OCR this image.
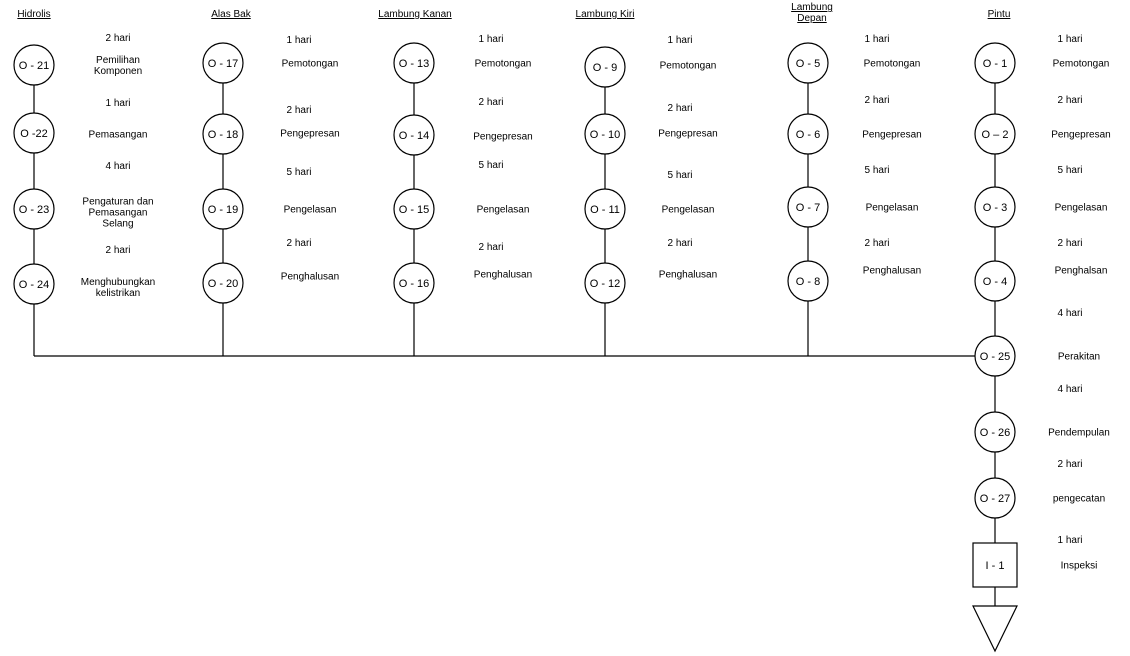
Hidrolis
O - 21	Pemilihan
Komponen
2 hari
O -22	Pemasangan
1 hari
O - 23
Pengaturan dan
Pemasangan
Selang
4 hari
O - 24	Menghubungkan
kelistrikan
2 hari
Alas Bak
O - 17	Pemotongan
1 hari
O - 18	Pengepresan
2 hari
O - 19	Pengelasan
5 hari
O - 20
Penghalusan
2 hari
Lambung Kanan
O - 13	Pemotongan
1 hari
O - 14	Pengepresan
2 hari
O - 15	Pengelasan
5 hari
O - 16
Penghalusan
2 hari
Lambung Kiri
O - 9	Pemotongan
1 hari
O - 10	Pengepresan
2 hari
O - 11	Pengelasan
5 hari
O - 12
Penghalusan
2 hari
Lambung
Depan
O - 5	Pemotongan
1 hari
O - 6	Pengepresan
2 hari
O - 7	Pengelasan
5 hari
O - 8
Penghalusan
2 hari
Pintu
O - 1	Pemotongan
1 hari
O – 2	Pengepresan
2 hari
O - 3	Pengelasan
5 hari
O - 4
Penghalsan
2 hari
O - 25	Perakitan
4 hari
O - 26	Pendempulan
4 hari
O - 27	pengecatan
2 hari
I - 1	Inspeksi
1 hari
